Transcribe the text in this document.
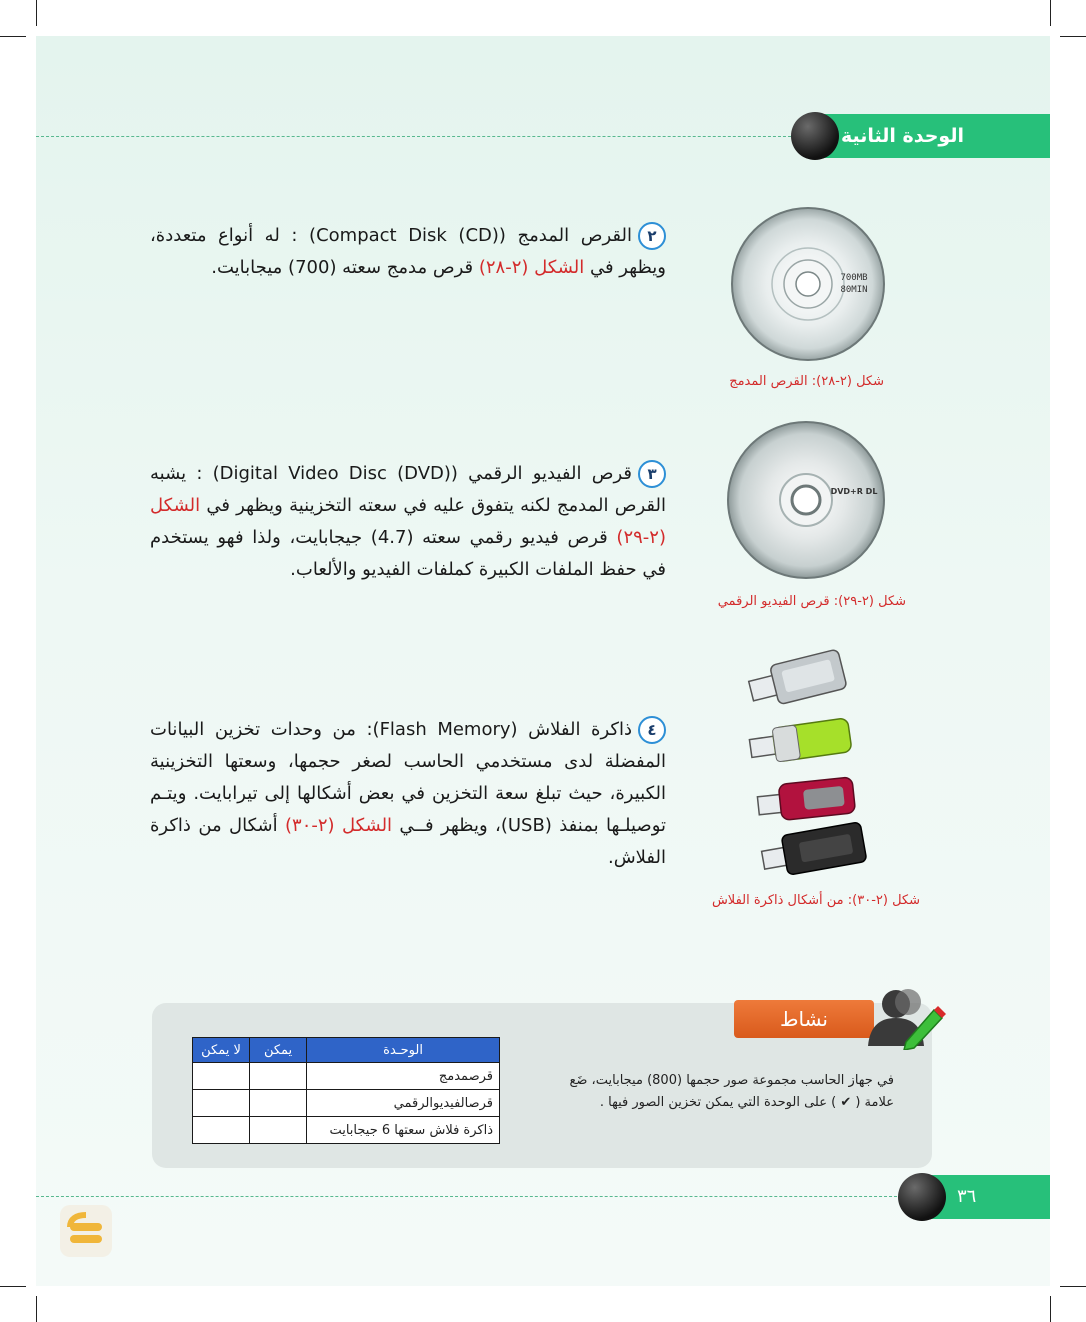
الوحدة الثانية
٢القرص المدمج (Compact Disk (CD)) : له أنواع متعددة، ويظهر في الشكل (٢-٢٨) قرص مدمج سعته (700) ميجابايت.	700MB
80MIN
شكل (٢-٢٨): القرص المدمج
٣قرص الفيديو الرقمي (Digital Video Disc (DVD)) : يشبه القرص المدمج لكنه يتفوق عليه في سعته التخزينية ويظهر في الشكل (٢-٢٩) قرص فيديو رقمي سعته (4.7) جيجابايت، ولذا فهو يستخدم في حفظ الملفات الكبيرة كملفات الفيديو والألعاب.
DVD+R DL
شكل (٢-٢٩): قرص الفيديو الرقمي
٤ذاكرة الفلاش (Flash Memory): من وحدات تخزين البيانات المفضلة لدى مستخدمي الحاسب لصغر حجمها، وسعتها التخزينية الكبيرة، حيث تبلغ سعة التخزين في بعض أشكالها إلى تيرابايت. ويتـم توصيلـها بمنفذ (USB)، ويظهر فــي الشكل (٢-٣٠) أشكال من ذاكرة الفلاش.
شكل (٢-٣٠): من أشكال ذاكرة الفلاش
نشاط
في جهاز الحاسب مجموعة صور حجمها (800) ميجابايت، ضَع علامة ( ✔ ) على الوحدة التي يمكن تخزين الصور فيها .
الوحـدة	يمكن	لا يمكن
قرصمدمج		
قرصالفيديوالرقمي		
ذاكرة فلاش سعتها 6 جيجابايت		
٣٦
